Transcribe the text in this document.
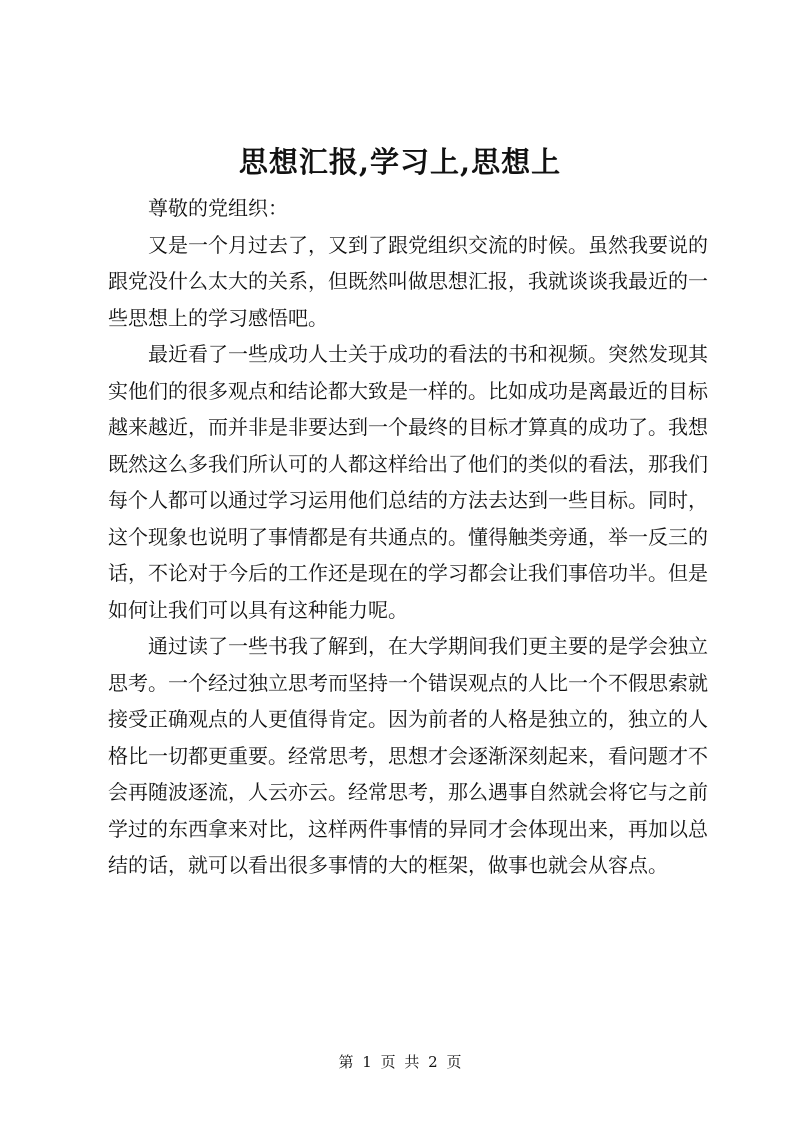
思想汇报,学习上,思想上

尊敬的党组织：

又是一个月过去了，又到了跟党组织交流的时候。虽然我要说的跟党没什么太大的关系，但既然叫做思想汇报，我就谈谈我最近的一些思想上的学习感悟吧。

最近看了一些成功人士关于成功的看法的书和视频。突然发现其实他们的很多观点和结论都大致是一样的。比如成功是离最近的目标越来越近，而并非是非要达到一个最终的目标才算真的成功了。我想既然这么多我们所认可的人都这样给出了他们的类似的看法，那我们每个人都可以通过学习运用他们总结的方法去达到一些目标。同时，这个现象也说明了事情都是有共通点的。懂得触类旁通，举一反三的话，不论对于今后的工作还是现在的学习都会让我们事倍功半。但是如何让我们可以具有这种能力呢。

通过读了一些书我了解到，在大学期间我们更主要的是学会独立思考。一个经过独立思考而坚持一个错误观点的人比一个不假思索就接受正确观点的人更值得肯定。因为前者的人格是独立的，独立的人格比一切都更重要。经常思考，思想才会逐渐深刻起来，看问题才不会再随波逐流，人云亦云。经常思考，那么遇事自然就会将它与之前学过的东西拿来对比，这样两件事情的异同才会体现出来，再加以总结的话，就可以看出很多事情的大的框架，做事也就会从容点。

第 1 页 共 2 页
